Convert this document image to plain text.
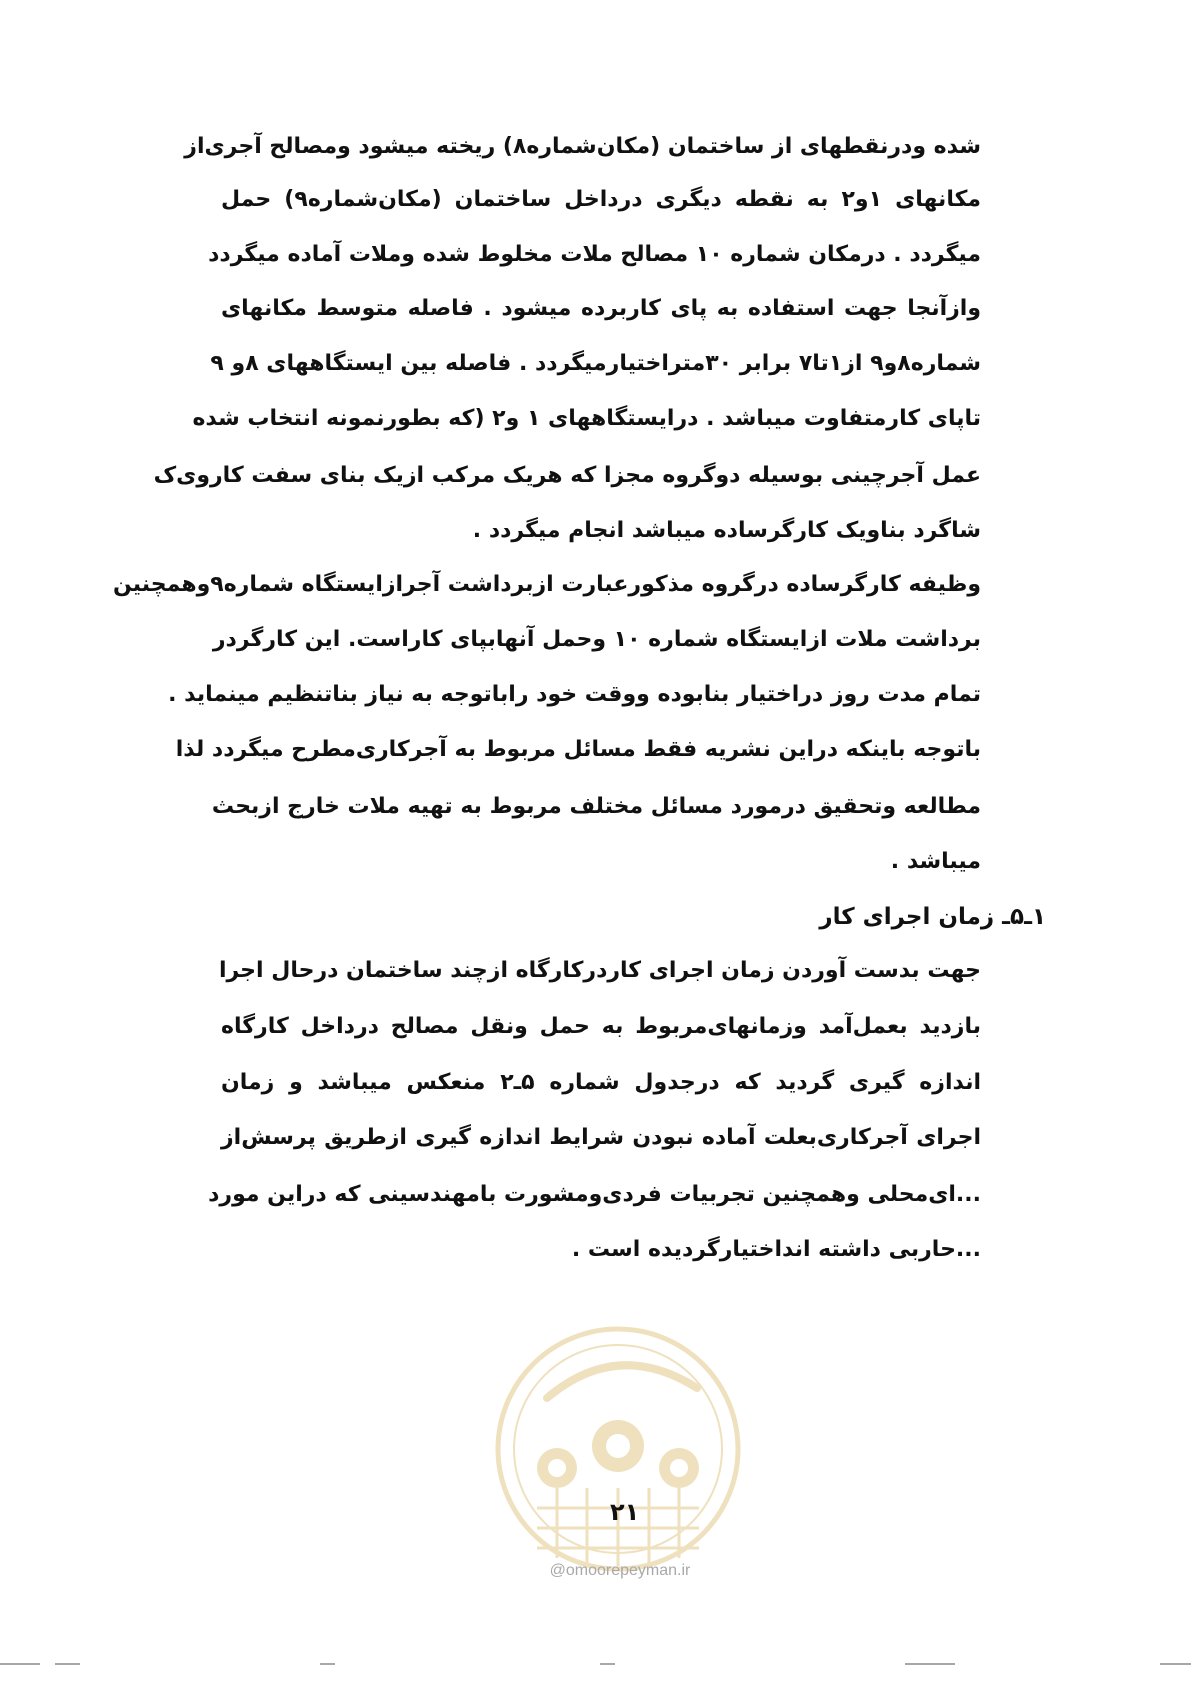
شده ودرنقطهای از ساختمان (مکان‌شماره۸) ریخته میشود ومصالح آجری‌از
مکانهای ۱و۲ به نقطه دیگری درداخل ساختمان (مکان‌شماره۹) حمل
میگردد . درمکان شماره ۱۰ مصالح ملات مخلوط شده وملات آماده میگردد
وازآنجا جهت استفاده به پای کاربرده میشود . فاصله متوسط مکانهای
شماره۸و۹ از۱تا۷ برابر ۳۰متراختیارمیگردد . فاصله بین ایستگاههای ۸و ۹
تاپای کارمتفاوت میباشد . درایستگاههای ۱ و۲ (که بطورنمونه انتخاب شده
عمل آجرچینی بوسیله دوگروه مجزا که هریک مرکب ازیک بنای سفت کاروی‌ک
شاگرد بناویک کارگرساده میباشد انجام میگردد .
وظیفه کارگرساده درگروه مذکورعبارت ازبرداشت آجرازایستگاه شماره۹وهمچنین
برداشت ملات ازایستگاه شماره ۱۰ وحمل آنهابپای کاراست. این کارگردر
تمام مدت روز دراختیار بنابوده ووقت خود راباتوجه به نیاز بناتنظیم مینماید .
باتوجه باینکه دراین نشریه فقط مسائل مربوط به آجرکاری‌مطرح میگردد لذا
مطالعه وتحقیق درمورد مسائل مختلف مربوط به تهیه ملات خارج ازبحث
میباشد .
۱ـ۵ـ زمان اجرای کار
جهت بدست آوردن زمان اجرای کاردرکارگاه ازچند ساختمان درحال اجرا
بازدید بعمل‌آمد وزمانهای‌مربوط به حمل ونقل مصالح درداخل کارگاه
اندازه گیری گردید که درجدول شماره ۵ـ۲ منعکس میباشد و زمان
اجرای آجرکاری‌بعلت آماده نبودن شرایط اندازه گیری ازطریق پرسش‌از
...ای‌محلی وهمچنین تجربیات فردی‌ومشورت بامهندسینی که دراین مورد
...حاربی داشته انداختیارگردیده است .
@omoorepeyman.ir
۲۱
